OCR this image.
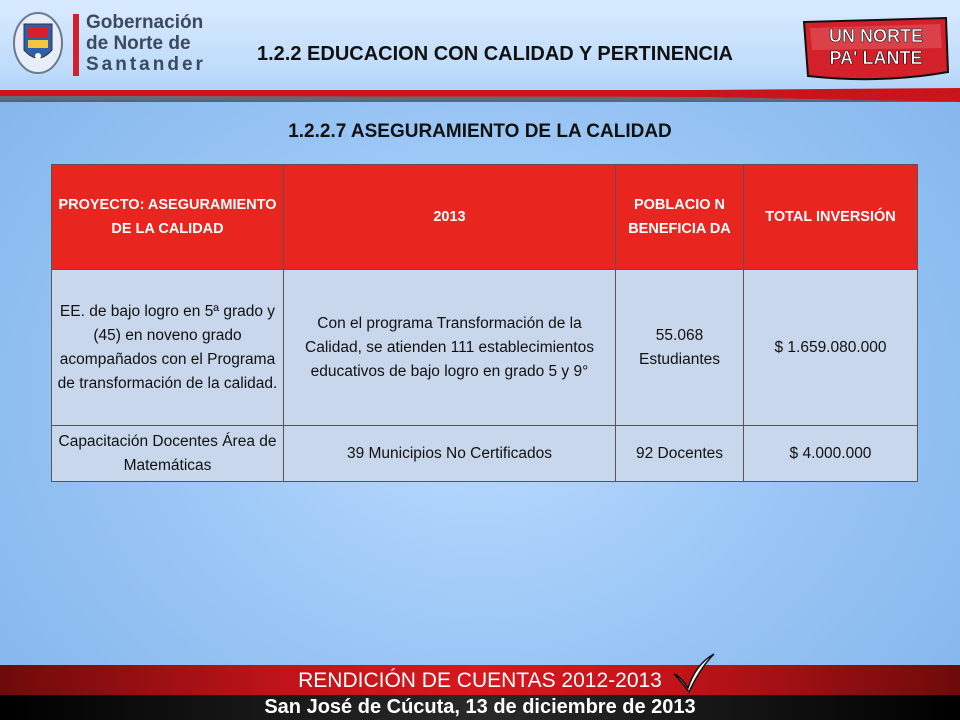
Gobernación
de Norte de
Santander	1.2.2 EDUCACION CON CALIDAD Y PERTINENCIA
UN NORTE
PA' LANTE
1.2.2.7 ASEGURAMIENTO DE LA CALIDAD
PROYECTO: ASEGURAMIENTO DE LA CALIDAD	2013	POBLACIO N BENEFICIA DA	TOTAL INVERSIÓN
EE. de bajo logro en 5ª grado y (45) en noveno grado acompañados con el Programa de transformación de la calidad.	Con el programa Transformación de la Calidad, se atienden 111 establecimientos educativos de bajo logro en grado 5 y 9°	55.068 Estudiantes	$ 1.659.080.000
Capacitación Docentes Área de Matemáticas	39 Municipios No Certificados	92 Docentes	$ 4.000.000
RENDICIÓN DE CUENTAS 2012-2013
San José de Cúcuta, 13 de diciembre de 2013
